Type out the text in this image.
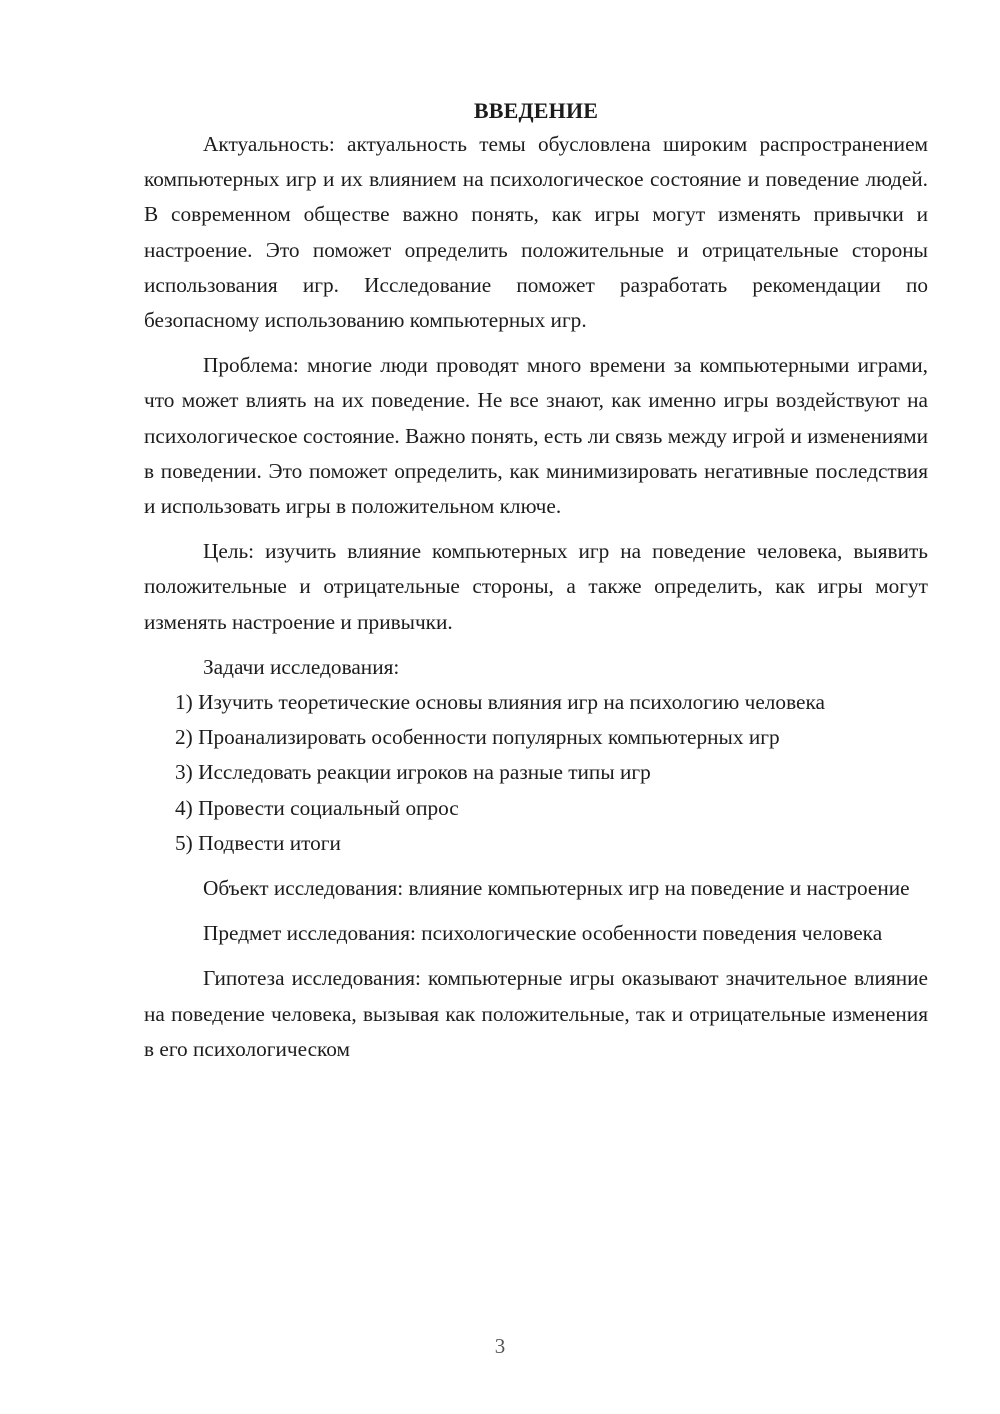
ВВЕДЕНИЕ

Актуальность: актуальность темы обусловлена широким распространением компьютерных игр и их влиянием на психологическое состояние и поведение людей. В современном обществе важно понять, как игры могут изменять привычки и настроение. Это поможет определить положительные и отрицательные стороны использования игр. Исследование поможет разработать рекомендации по безопасному использованию компьютерных игр.

Проблема: многие люди проводят много времени за компьютерными играми, что может влиять на их поведение. Не все знают, как именно игры воздействуют на психологическое состояние. Важно понять, есть ли связь между игрой и изменениями в поведении. Это поможет определить, как минимизировать негативные последствия и использовать игры в положительном ключе.

Цель: изучить влияние компьютерных игр на поведение человека, выявить положительные и отрицательные стороны, а также определить, как игры могут изменять настроение и привычки.

Задачи исследования:

1) Изучить теоретические основы влияния игр на психологию человека

2) Проанализировать особенности популярных компьютерных игр

3) Исследовать реакции игроков на разные типы игр

4) Провести социальный опрос

5) Подвести итоги

Объект исследования: влияние компьютерных игр на поведение и настроение

Предмет исследования: психологические особенности поведения человека

Гипотеза исследования: компьютерные игры оказывают значительное влияние на поведение человека, вызывая как положительные, так и отрицательные изменения в его психологическом

3
